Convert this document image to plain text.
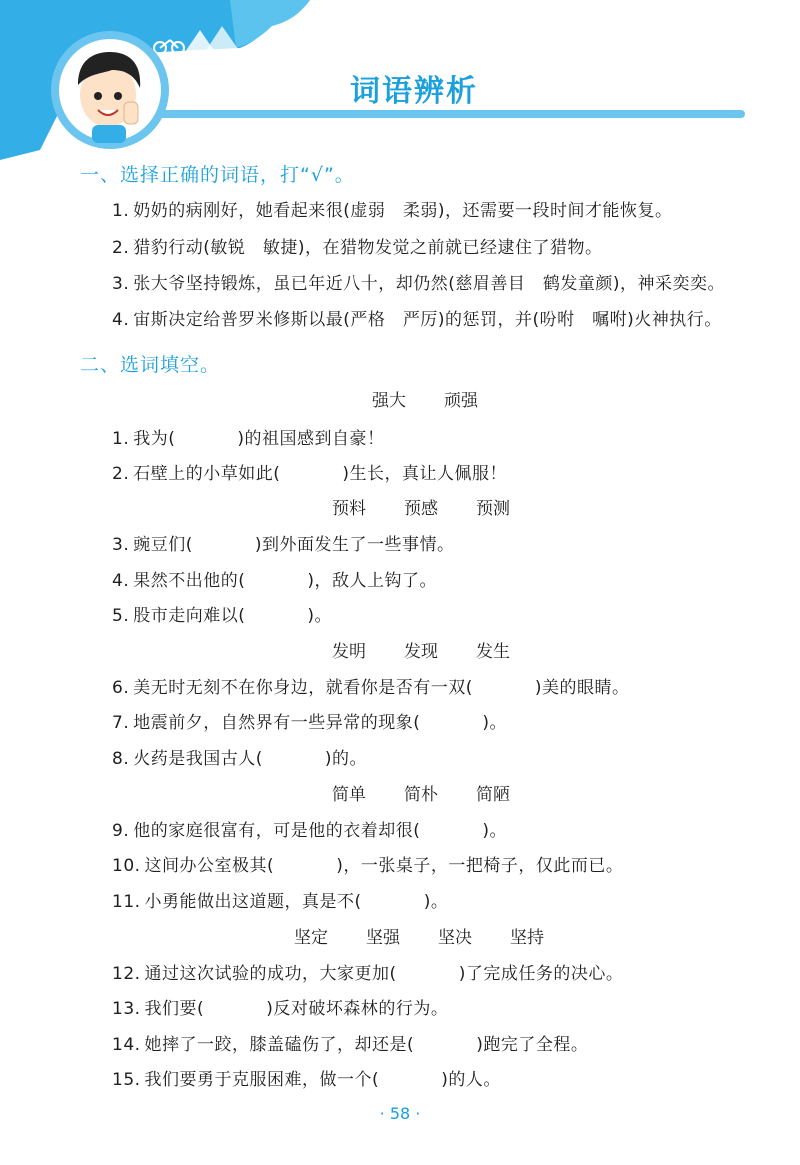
词语辨析
一、选择正确的词语，打“√”。
1. 奶奶的病刚好，她看起来很(虚弱　柔弱)，还需要一段时间才能恢复。
2. 猎豹行动(敏锐　敏捷)，在猎物发觉之前就已经逮住了猎物。
3. 张大爷坚持锻炼，虽已年近八十，却仍然(慈眉善目　鹤发童颜)，神采奕奕。
4. 宙斯决定给普罗米修斯以最(严格　严厉)的惩罚，并(吩咐　嘱咐)火神执行。
二、选词填空。
强大 顽强
1. 我为(	)的祖国感到自豪！
2. 石壁上的小草如此(	)生长，真让人佩服！
预料 预感 预测
3. 豌豆们(	)到外面发生了一些事情。
4. 果然不出他的(	)，敌人上钩了。
5. 股市走向难以(	)。
发明 发现 发生
6. 美无时无刻不在你身边，就看你是否有一双(	)美的眼睛。
7. 地震前夕，自然界有一些异常的现象(	)。
8. 火药是我国古人(	)的。
简单 简朴 简陋
9. 他的家庭很富有，可是他的衣着却很(	)。
10. 这间办公室极其(	)，一张桌子，一把椅子，仅此而已。
11. 小勇能做出这道题，真是不(	)。
坚定 坚强 坚决 坚持
12. 通过这次试验的成功，大家更加(	)了完成任务的决心。
13. 我们要(	)反对破坏森林的行为。
14. 她摔了一跤，膝盖磕伤了，却还是(	)跑完了全程。
15. 我们要勇于克服困难，做一个(	)的人。
· 58 ·
